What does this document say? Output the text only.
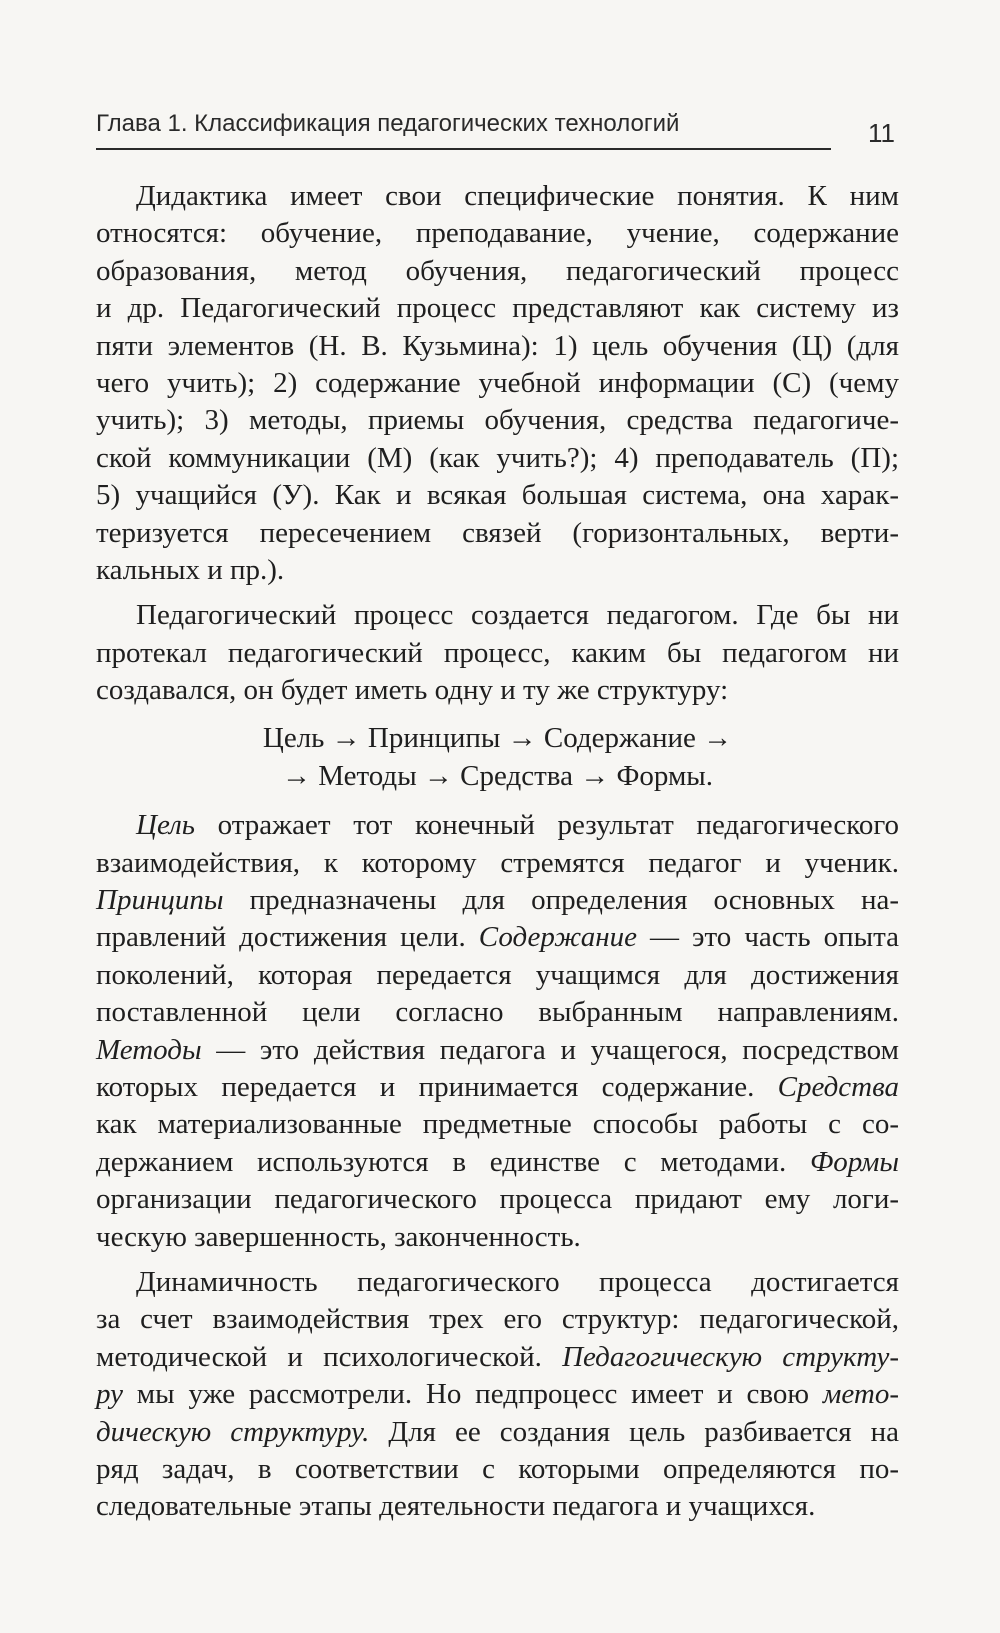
Глава 1. Классификация педагогических технологий	11
Дидактика имеет свои специфические понятия. К ним
относятся: обучение, преподавание, учение, содержание
образования, метод обучения, педагогический процесс
и др. Педагогический процесс представляют как систему из
пяти элементов (Н. В. Кузьмина): 1) цель обучения (Ц) (для
чего учить); 2) содержание учебной информации (С) (чему
учить); 3) методы, приемы обучения, средства педагогиче-
ской коммуникации (М) (как учить?); 4) преподаватель (П);
5) учащийся (У). Как и всякая большая система, она харак-
теризуется пересечением связей (горизонтальных, верти-
кальных и пр.).
Педагогический процесс создается педагогом. Где бы ни
протекал педагогический процесс, каким бы педагогом ни
создавался, он будет иметь одну и ту же структуру:
Цель → Принципы → Содержание →
→ Методы → Средства → Формы.
Цель отражает тот конечный результат педагогического
взаимодействия, к которому стремятся педагог и ученик.
Принципы предназначены для определения основных на-
правлений достижения цели. Содержание — это часть опыта
поколений, которая передается учащимся для достижения
поставленной цели согласно выбранным направлениям.
Методы — это действия педагога и учащегося, посредством
которых передается и принимается содержание. Средства
как материализованные предметные способы работы с со-
держанием используются в единстве с методами. Формы
организации педагогического процесса придают ему логи-
ческую завершенность, законченность.
Динамичность педагогического процесса достигается
за счет взаимодействия трех его структур: педагогической,
методической и психологической. Педагогическую структу-
ру мы уже рассмотрели. Но педпроцесс имеет и свою мето-
дическую структуру. Для ее создания цель разбивается на
ряд задач, в соответствии с которыми определяются по-
следовательные этапы деятельности педагога и учащихся.
